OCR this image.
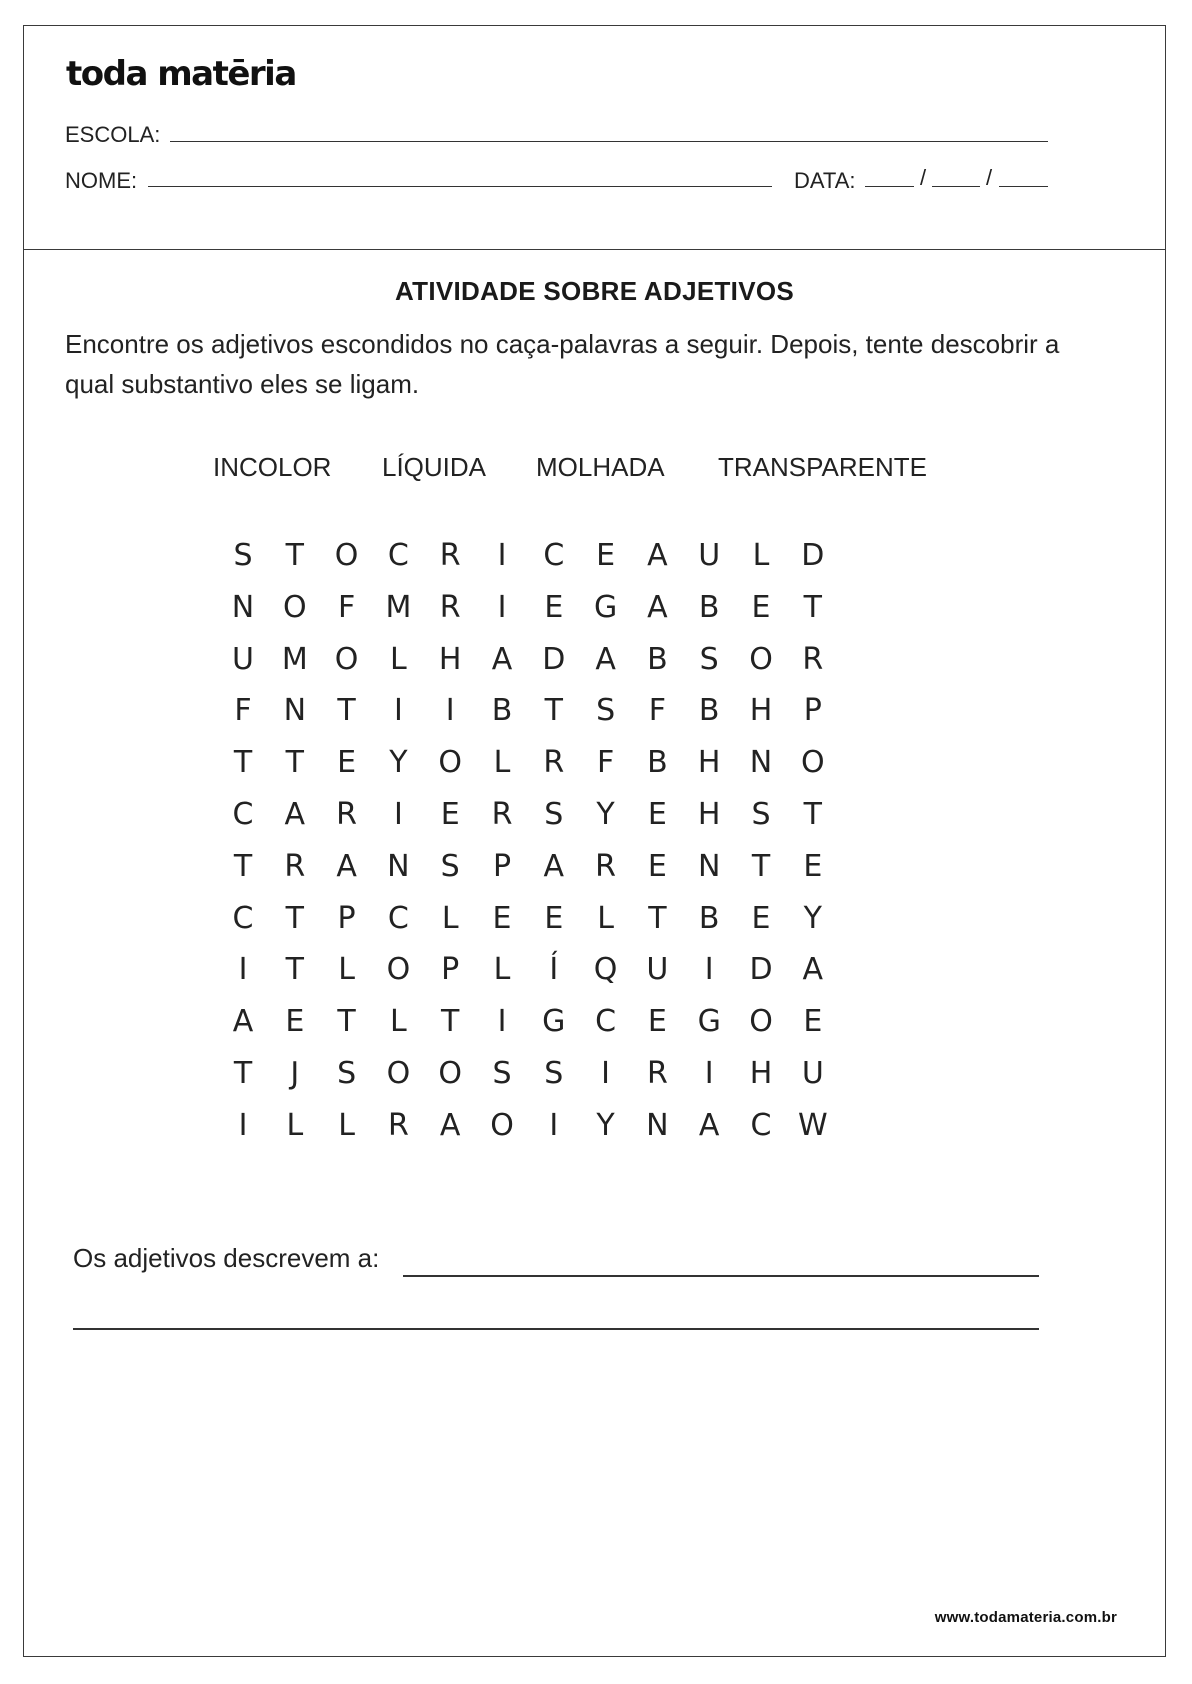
toda matēria
ESCOLA:
NOME:	DATA:	/	/
ATIVIDADE SOBRE ADJETIVOS
Encontre os adjetivos escondidos no caça-palavras a seguir. Depois, tente descobrir a qual substantivo eles se ligam.
INCOLOR LÍQUIDA MOLHADA TRANSPARENTE
S	T	O C	R	I	C	E	A	U	L	D
N O	F	M R	I	E	G A	B	E	T
U M O	L	H	A D A	B	S	O R
F	N	T	I	I	B	T	S	F	B	H	P
T	T	E	Y	O	L	R	F	B	H N O
C	A	R	I	E	R	S	Y	E	H	S	T
T	R	A	N	S	P	A	R	E	N	T	E
C	T	P	C	L	E	E	L	T	B	E	Y
I	T	L	O	P	L	Í	Q U	I	D A
A	E	T	L	T	I	G C	E	G O	E
T	J	S	O O	S	S	I	R	I	H U
I	L	L	R	A O	I	Y	N	A	C W
Os adjetivos descrevem a:
www.todamateria.com.br
